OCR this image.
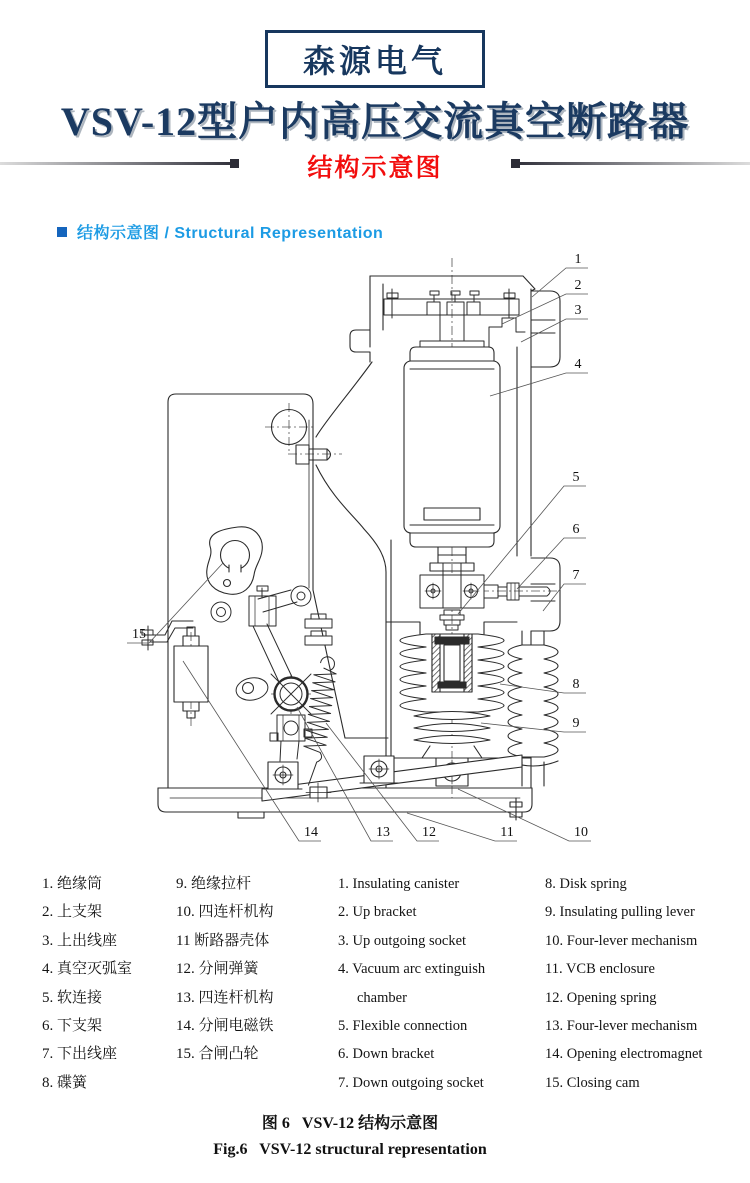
森源电气
VSV-12型户内高压交流真空断路器
结构示意图
结构示意图 / Structural Representation
1
2
3
4
5
6
7
8
9
10
11
12
13
14
15
1. 绝缘筒
2. 上支架
3. 上出线座
4. 真空灭弧室
5. 软连接
6. 下支架
7. 下出线座
8. 碟簧
9. 绝缘拉杆
10. 四连杆机构
11 断路器壳体
12. 分闸弹簧
13. 四连杆机构
14. 分闸电磁铁
15. 合闸凸轮
1. Insulating canister
2. Up bracket
3. Up outgoing socket
4. Vacuum arc extinguish
chamber
5. Flexible connection
6. Down bracket
7. Down outgoing socket
8. Disk spring
9. Insulating pulling lever
10. Four-lever mechanism
11. VCB enclosure
12. Opening spring
13. Four-lever mechanism
14. Opening electromagnet
15. Closing cam
图 6   VSV-12 结构示意图
Fig.6   VSV-12 structural representation
